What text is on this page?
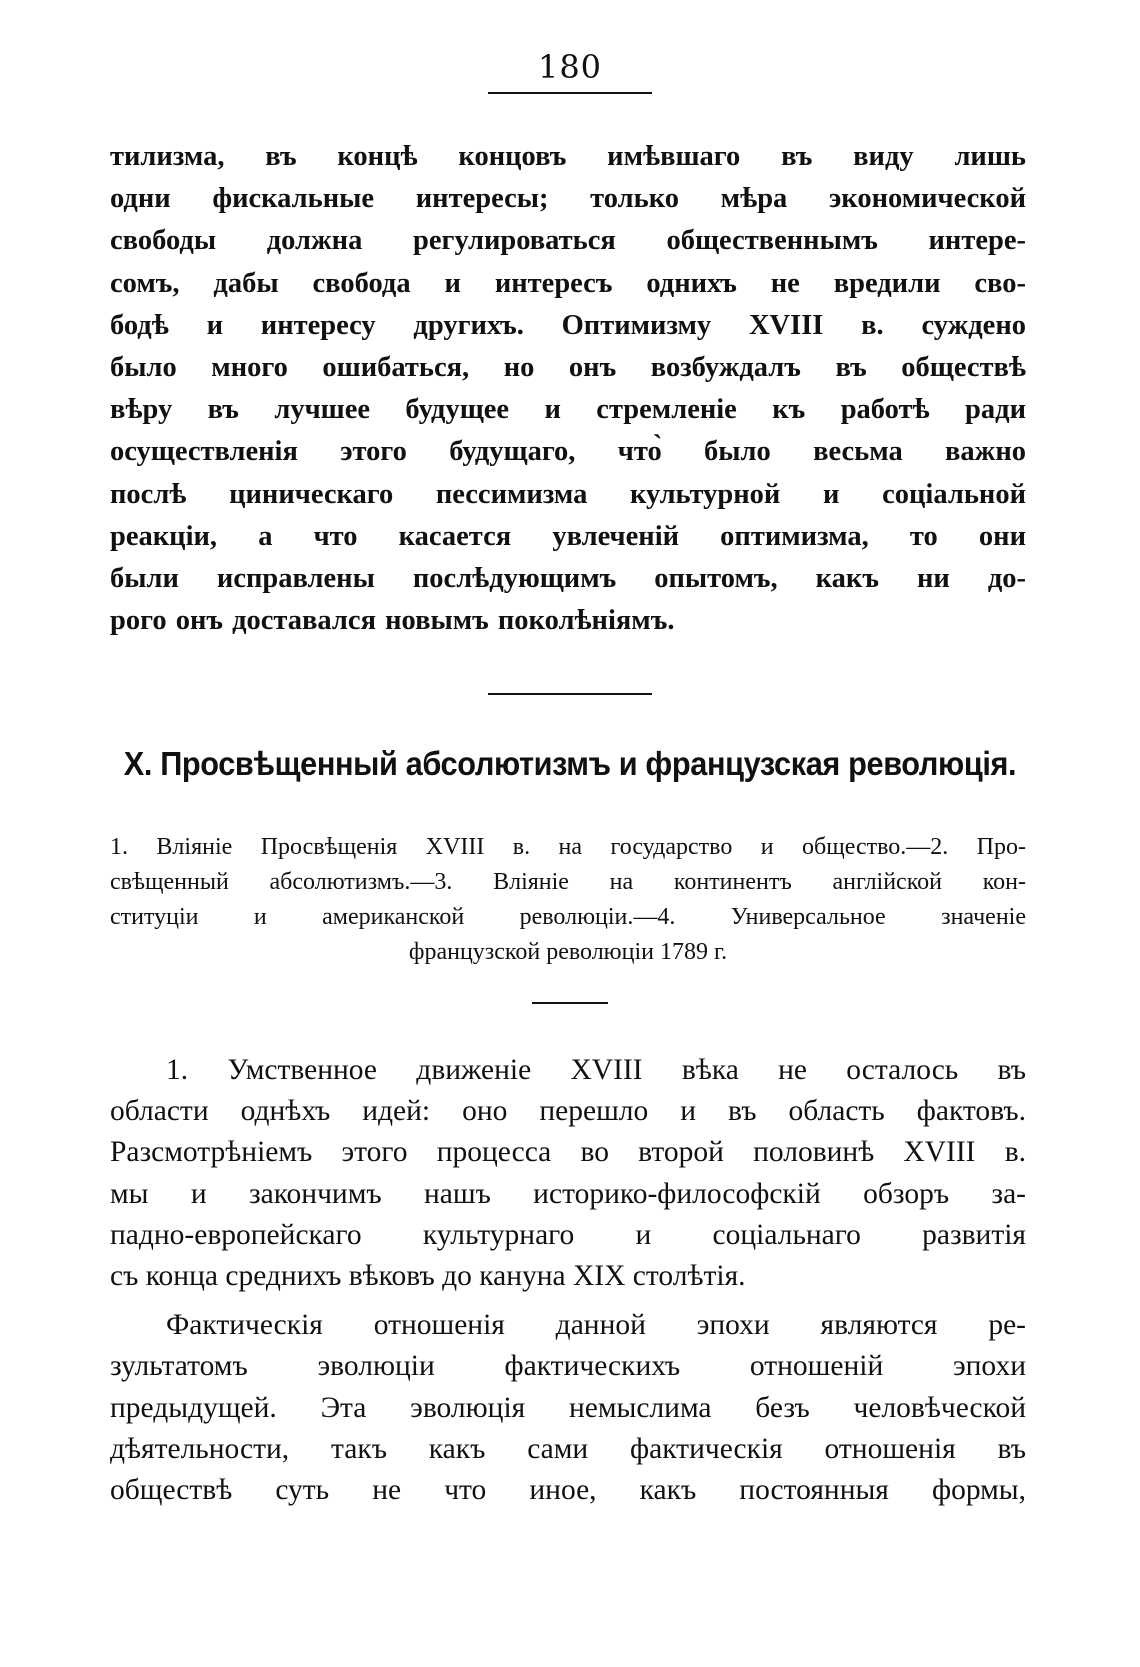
180
тилизма, въ концѣ концовъ имѣвшаго въ виду лишь
одни фискальные интересы; только мѣра экономической
свободы должна регулироваться общественнымъ интере-
сомъ, дабы свобода и интересъ однихъ не вредили сво-
бодѣ и интересу другихъ. Оптимизму XVIII в. суждено
было много ошибаться, но онъ возбуждалъ въ обществѣ
вѣру въ лучшее будущее и стремленіе къ работѣ ради
осуществленія этого будущаго, что̀ было весьма важно
послѣ циническаго пессимизма культурной и соціальной
реакціи, а что касается увлеченій оптимизма, то они
были исправлены послѣдующимъ опытомъ, какъ ни до-
рого онъ доставался новымъ поколѣніямъ.
X. Просвѣщенный абсолютизмъ и французская революція.
1. Вліяніе Просвѣщенія XVIII в. на государство и общество.—2. Про-
свѣщенный абсолютизмъ.—3. Вліяніе на континентъ англійской кон-
ституціи и американской революціи.—4. Универсальное значеніе
французской революціи 1789 г.
1. Умственное движеніе XVIII вѣка не осталось въ
области однѣхъ идей: оно перешло и въ область фактовъ.
Разсмотрѣніемъ этого процесса во второй половинѣ XVIII в.
мы и закончимъ нашъ историко-философскій обзоръ за-
падно-европейскаго культурнаго и соціальнаго развитія
съ конца среднихъ вѣковъ до кануна XIX столѣтія.
Фактическія отношенія данной эпохи являются ре-
зультатомъ эволюціи фактическихъ отношеній эпохи
предыдущей. Эта эволюція немыслима безъ человѣческой
дѣятельности, такъ какъ сами фактическія отношенія въ
обществѣ суть не что иное, какъ постоянныя формы,
